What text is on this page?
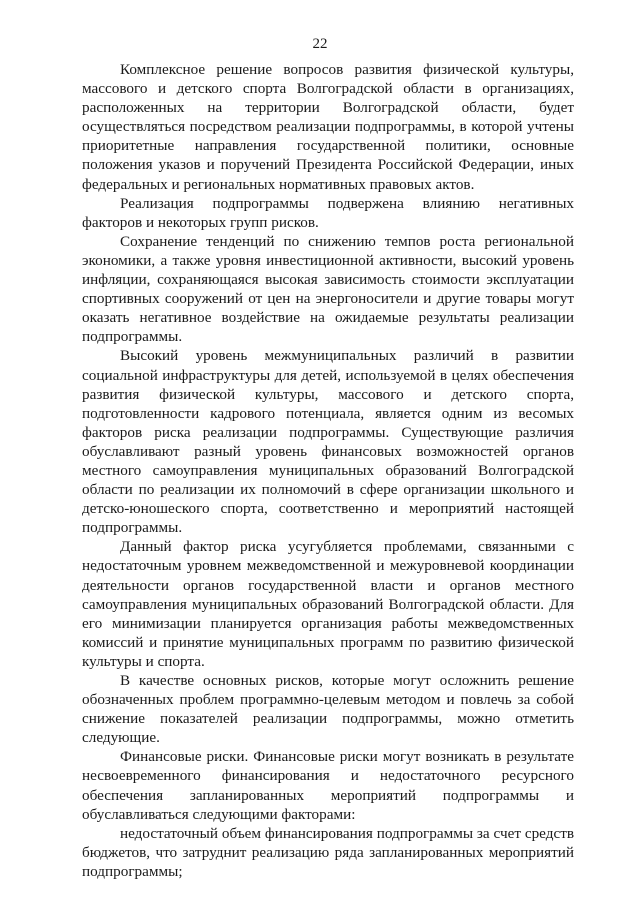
22

Комплексное решение вопросов развития физической культуры, массового и детского спорта Волгоградской области в организациях, расположенных на территории Волгоградской области, будет осуществляться посредством реализации подпрограммы, в которой учтены приоритетные направления государственной политики, основные положения указов и поручений Президента Российской Федерации, иных федеральных и региональных нормативных правовых актов.

Реализация подпрограммы подвержена влиянию негативных факторов и некоторых групп рисков.

Сохранение тенденций по снижению темпов роста региональной экономики, а также уровня инвестиционной активности, высокий уровень инфляции, сохраняющаяся высокая зависимость стоимости эксплуатации спортивных сооружений от цен на энергоносители и другие товары могут оказать негативное воздействие на ожидаемые результаты реализации подпрограммы.

Высокий уровень межмуниципальных различий в развитии социальной инфраструктуры для детей, используемой в целях обеспечения развития физической культуры, массового и детского спорта, подготовленности кадрового потенциала, является одним из весомых факторов риска реализации подпрограммы. Существующие различия обуславливают разный уровень финансовых возможностей органов местного самоуправления муниципальных образований Волгоградской области по реализации их полномочий в сфере организации школьного и детско-юношеского спорта, соответственно и мероприятий настоящей подпрограммы.

Данный фактор риска усугубляется проблемами, связанными с недостаточным уровнем межведомственной и межуровневой координации деятельности органов государственной власти и органов местного самоуправления муниципальных образований Волгоградской области. Для его минимизации планируется организация работы межведомственных комиссий и принятие муниципальных программ по развитию физической культуры и спорта.

В качестве основных рисков, которые могут осложнить решение обозначенных проблем программно-целевым методом и повлечь за собой снижение показателей реализации подпрограммы, можно отметить следующие.

Финансовые риски. Финансовые риски могут возникать в результате несвоевременного финансирования и недостаточного ресурсного обеспечения запланированных мероприятий подпрограммы и обуславливаться следующими факторами:

недостаточный объем финансирования подпрограммы за счет средств бюджетов, что затруднит реализацию ряда запланированных мероприятий подпрограммы;
